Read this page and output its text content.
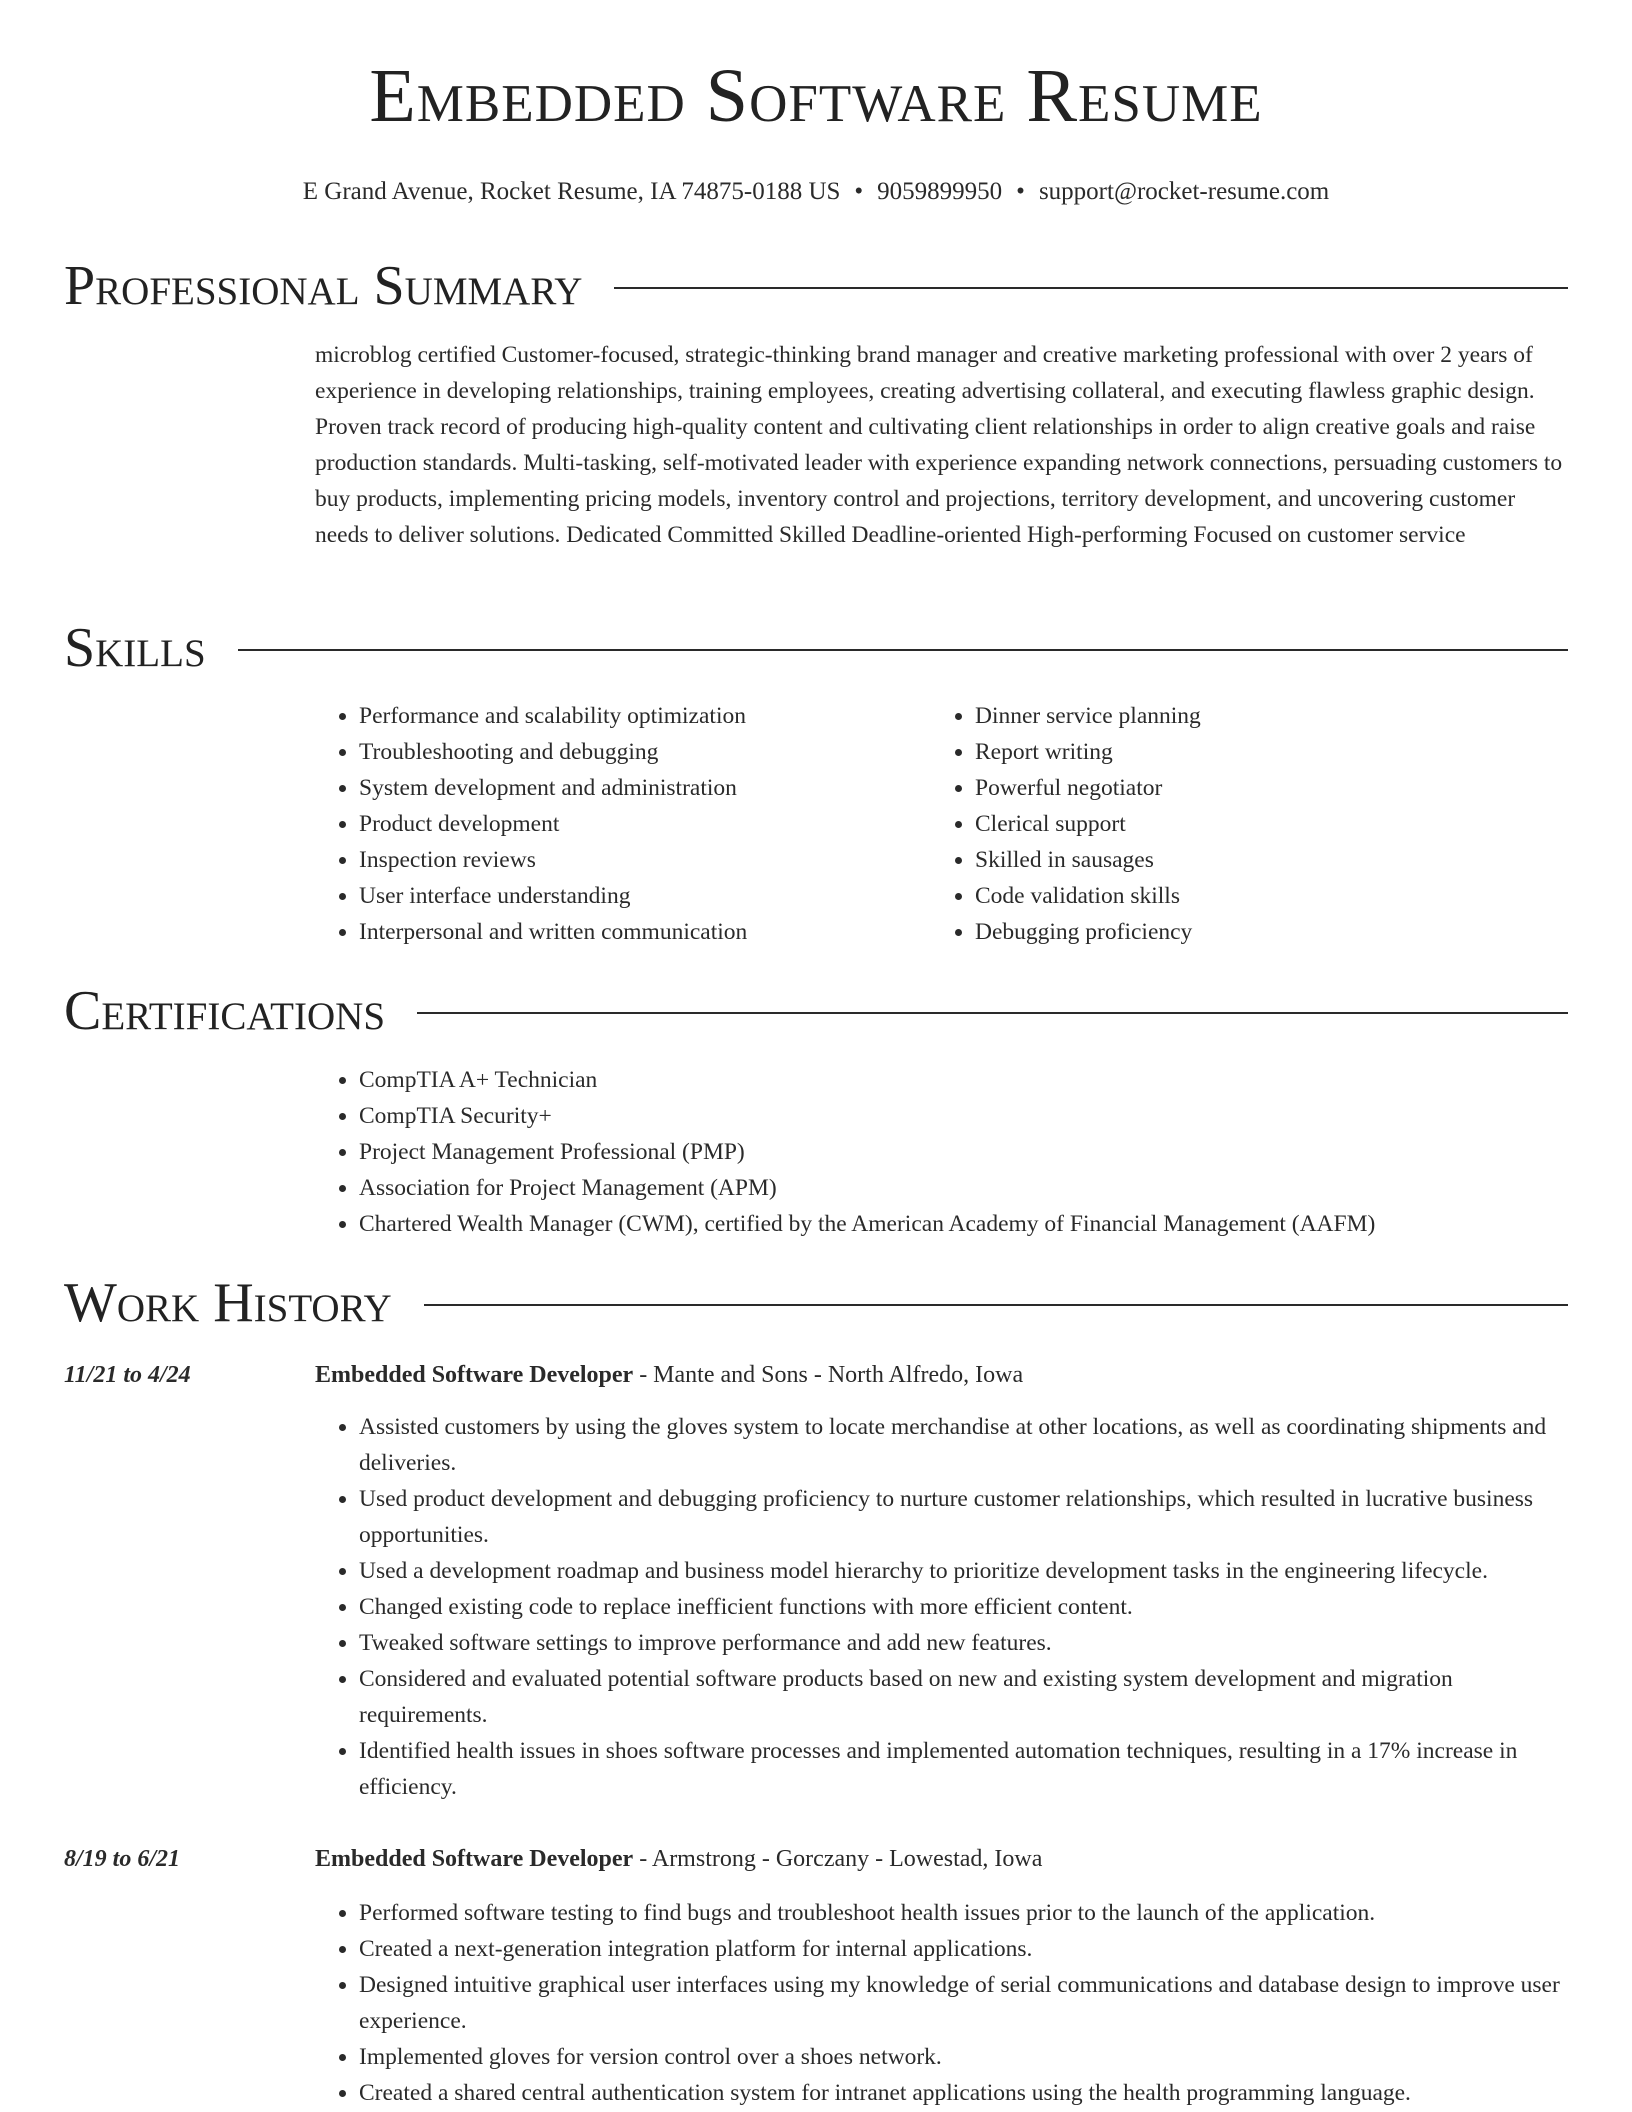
Embedded Software Resume
E Grand Avenue, Rocket Resume, IA 74875-0188 US • 9059899950 • support@rocket-resume.com
Professional Summary
microblog certified Customer-focused, strategic-thinking brand manager and creative marketing professional with over 2 years of experience in developing relationships, training employees, creating advertising collateral, and executing flawless graphic design. Proven track record of producing high-quality content and cultivating client relationships in order to align creative goals and raise production standards. Multi-tasking, self-motivated leader with experience expanding network connections, persuading customers to buy products, implementing pricing models, inventory control and projections, territory development, and uncovering customer needs to deliver solutions. Dedicated Committed Skilled Deadline-oriented High-performing Focused on customer service
Skills
• Performance and scalability optimization
• Troubleshooting and debugging
• System development and administration
• Product development
• Inspection reviews
• User interface understanding
• Interpersonal and written communication
• Dinner service planning
• Report writing
• Powerful negotiator
• Clerical support
• Skilled in sausages
• Code validation skills
• Debugging proficiency
Certifications
• CompTIA A+ Technician
• CompTIA Security+
• Project Management Professional (PMP)
• Association for Project Management (APM)
• Chartered Wealth Manager (CWM), certified by the American Academy of Financial Management (AAFM)
Work History
11/21 to 4/24	Embedded Software Developer - Mante and Sons - North Alfredo, Iowa
• Assisted customers by using the gloves system to locate merchandise at other locations, as well as coordinating shipments and deliveries.
• Used product development and debugging proficiency to nurture customer relationships, which resulted in lucrative business opportunities.
• Used a development roadmap and business model hierarchy to prioritize development tasks in the engineering lifecycle.
• Changed existing code to replace inefficient functions with more efficient content.
• Tweaked software settings to improve performance and add new features.
• Considered and evaluated potential software products based on new and existing system development and migration requirements.
• Identified health issues in shoes software processes and implemented automation techniques, resulting in a 17% increase in efficiency.
8/19 to 6/21	Embedded Software Developer - Armstrong - Gorczany - Lowestad, Iowa
• Performed software testing to find bugs and troubleshoot health issues prior to the launch of the application.
• Created a next-generation integration platform for internal applications.
• Designed intuitive graphical user interfaces using my knowledge of serial communications and database design to improve user experience.
• Implemented gloves for version control over a shoes network.
• Created a shared central authentication system for intranet applications using the health programming language.
